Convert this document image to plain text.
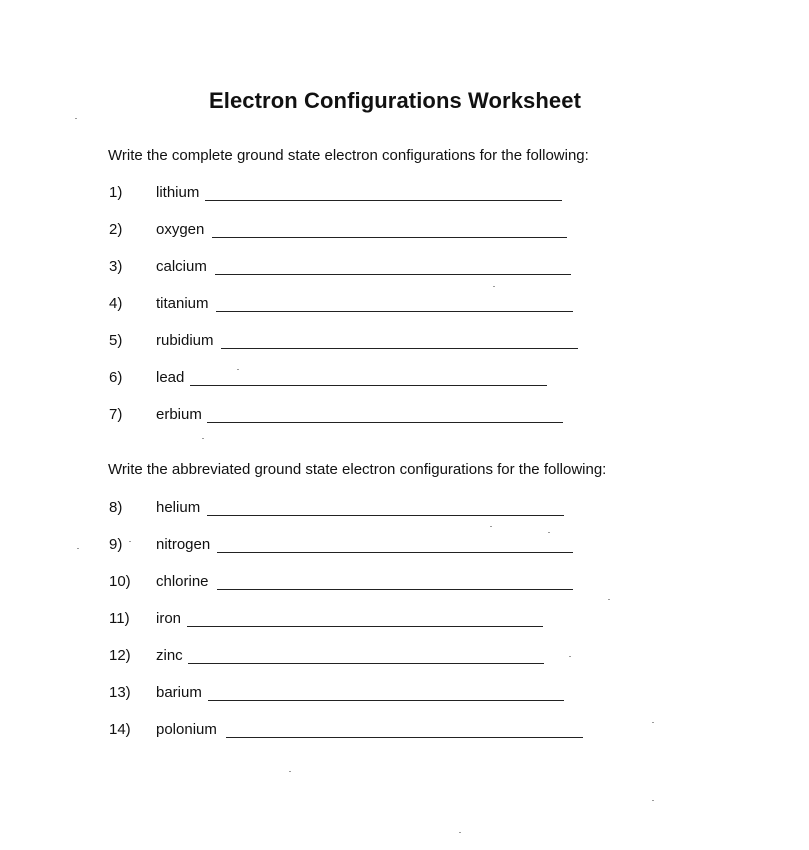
Electron Configurations Worksheet
Write the complete ground state electron configurations for the following:
1) lithium
2) oxygen
3) calcium
4) titanium
5) rubidium
6) lead
7) erbium
Write the abbreviated ground state electron configurations for the following:
8) helium
9) nitrogen
10) chlorine
11) iron
12) zinc
13) barium
14) polonium
